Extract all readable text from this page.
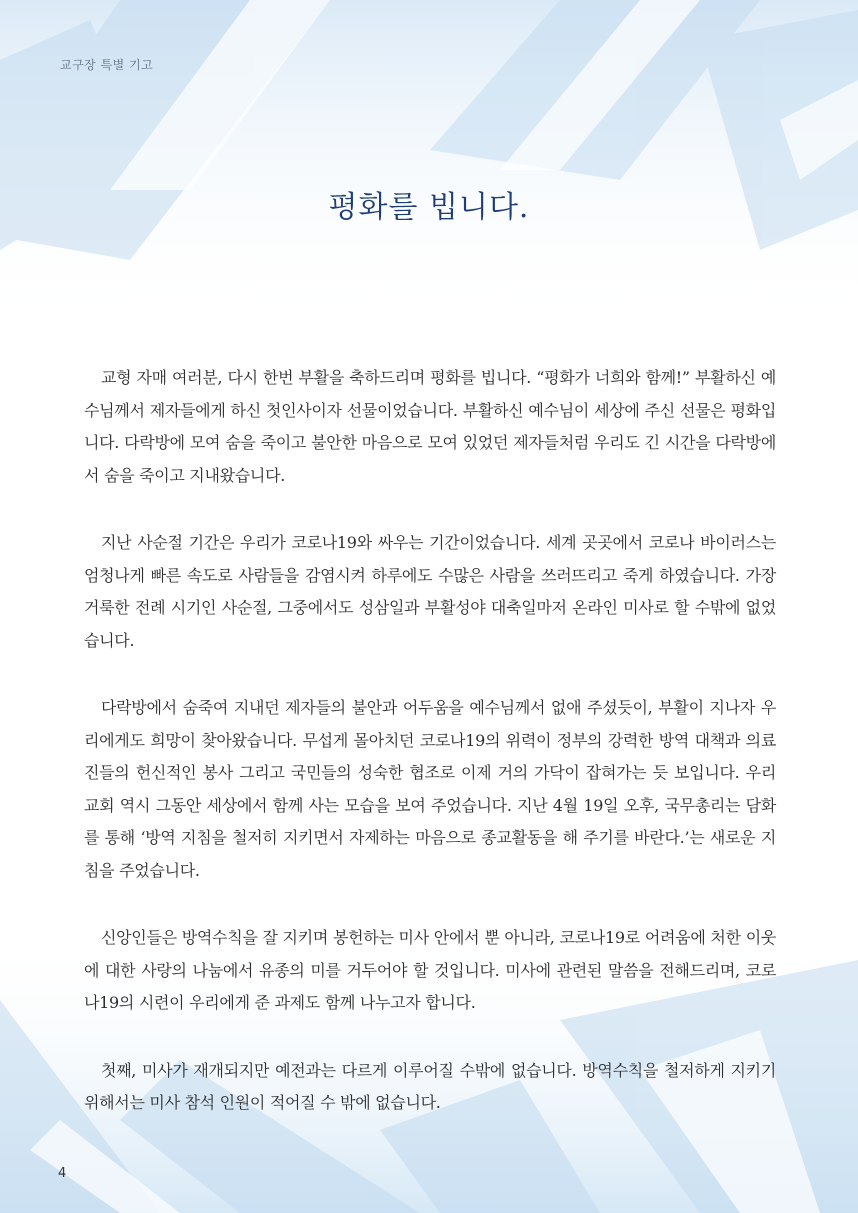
교구장 특별 기고
평화를 빕니다.

교형 자매 여러분, 다시 한번 부활을 축하드리며 평화를 빕니다. “평화가 너희와 함께!” 부활하신 예수님께서 제자들에게 하신 첫인사이자 선물이었습니다. 부활하신 예수님이 세상에 주신 선물은 평화입니다. 다락방에 모여 숨을 죽이고 불안한 마음으로 모여 있었던 제자들처럼 우리도 긴 시간을 다락방에서 숨을 죽이고 지내왔습니다.

지난 사순절 기간은 우리가 코로나19와 싸우는 기간이었습니다. 세계 곳곳에서 코로나 바이러스는 엄청나게 빠른 속도로 사람들을 감염시켜 하루에도 수많은 사람을 쓰러뜨리고 죽게 하였습니다. 가장 거룩한 전례 시기인 사순절, 그중에서도 성삼일과 부활성야 대축일마저 온라인 미사로 할 수밖에 없었습니다.

다락방에서 숨죽여 지내던 제자들의 불안과 어두움을 예수님께서 없애 주셨듯이, 부활이 지나자 우리에게도 희망이 찾아왔습니다. 무섭게 몰아치던 코로나19의 위력이 정부의 강력한 방역 대책과 의료진들의 헌신적인 봉사 그리고 국민들의 성숙한 협조로 이제 거의 가닥이 잡혀가는 듯 보입니다. 우리 교회 역시 그동안 세상에서 함께 사는 모습을 보여 주었습니다. 지난 4월 19일 오후, 국무총리는 담화를 통해 ‘방역 지침을 철저히 지키면서 자제하는 마음으로 종교활동을 해 주기를 바란다.’는 새로운 지침을 주었습니다.

신앙인들은 방역수칙을 잘 지키며 봉헌하는 미사 안에서 뿐 아니라, 코로나19로 어려움에 처한 이웃에 대한 사랑의 나눔에서 유종의 미를 거두어야 할 것입니다. 미사에 관련된 말씀을 전해드리며, 코로나19의 시련이 우리에게 준 과제도 함께 나누고자 합니다.

첫째, 미사가 재개되지만 예전과는 다르게 이루어질 수밖에 없습니다. 방역수칙을 철저하게 지키기 위해서는 미사 참석 인원이 적어질 수 밖에 없습니다.

4
